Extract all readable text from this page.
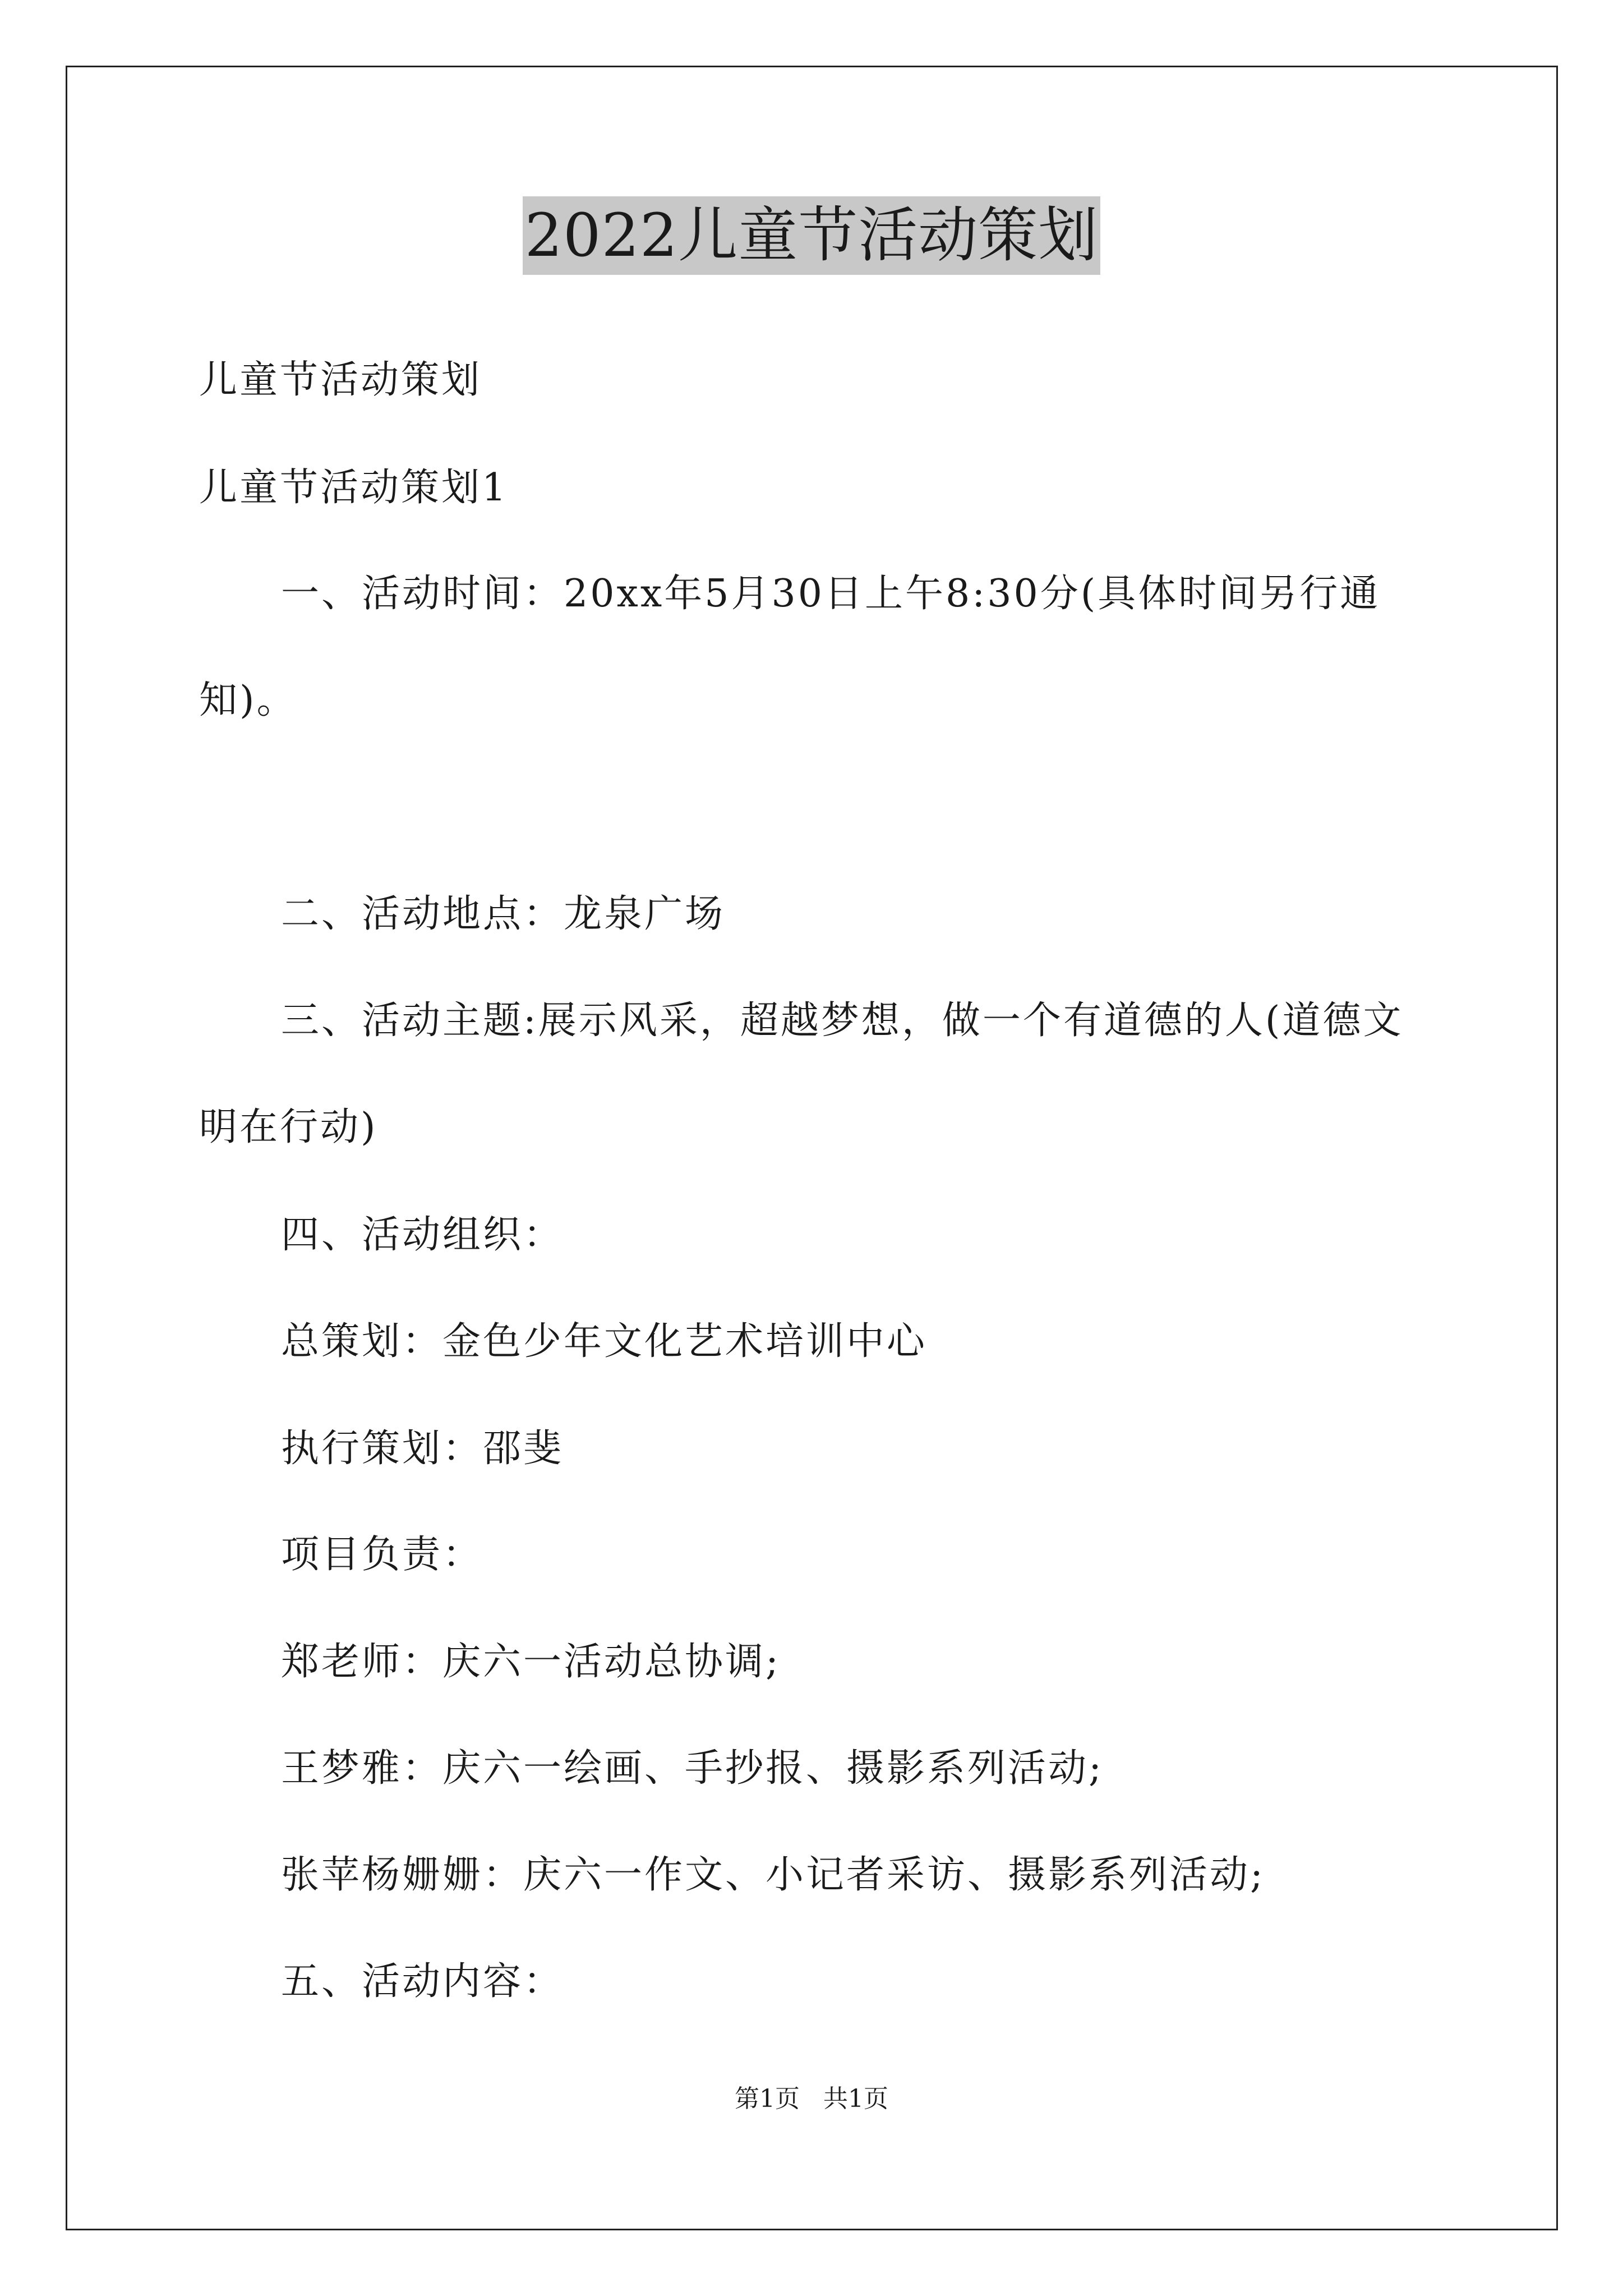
2022儿童节活动策划
儿童节活动策划
儿童节活动策划1
一、活动时间：20xx年5月30日上午8:30分(具体时间另行通知)。
二、活动地点：龙泉广场
三、活动主题:展示风采，超越梦想，做一个有道德的人(道德文明在行动)
四、活动组织：
总策划：金色少年文化艺术培训中心
执行策划：邵斐
项目负责：
郑老师：庆六一活动总协调;
王梦雅：庆六一绘画、手抄报、摄影系列活动;
张苹杨姗姗：庆六一作文、小记者采访、摄影系列活动;
五、活动内容：
第1页 共1页
